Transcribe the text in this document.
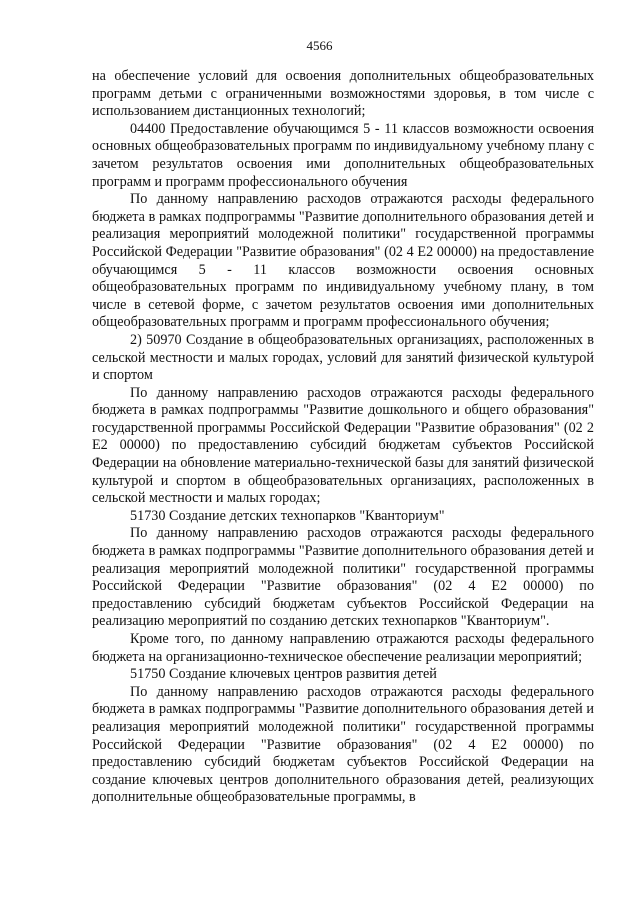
4566

на обеспечение условий для освоения дополнительных общеобразовательных программ детьми с ограниченными возможностями здоровья, в том числе с использованием дистанционных технологий;

04400 Предоставление обучающимся 5 - 11 классов возможности освоения основных общеобразовательных программ по индивидуальному учебному плану с зачетом результатов освоения ими дополнительных общеобразовательных программ и программ профессионального обучения

По данному направлению расходов отражаются расходы федерального бюджета в рамках подпрограммы "Развитие дополнительного образования детей и реализация мероприятий молодежной политики" государственной программы Российской Федерации "Развитие образования" (02 4 Е2 00000) на предоставление обучающимся 5 - 11 классов возможности освоения основных общеобразовательных программ по индивидуальному учебному плану, в том числе в сетевой форме, с зачетом результатов освоения ими дополнительных общеобразовательных программ и программ профессионального обучения;

2) 50970 Создание в общеобразовательных организациях, расположенных в сельской местности и малых городах, условий для занятий физической культурой и спортом

По данному направлению расходов отражаются расходы федерального бюджета в рамках подпрограммы "Развитие дошкольного и общего образования" государственной программы Российской Федерации "Развитие образования" (02 2 Е2 00000) по предоставлению субсидий бюджетам субъектов Российской Федерации на обновление материально-технической базы для занятий физической культурой и спортом в общеобразовательных организациях, расположенных в сельской местности и малых городах;

51730 Создание детских технопарков "Кванториум"

По данному направлению расходов отражаются расходы федерального бюджета в рамках подпрограммы "Развитие дополнительного образования детей и реализация мероприятий молодежной политики" государственной программы Российской Федерации "Развитие образования" (02 4 Е2 00000) по предоставлению субсидий бюджетам субъектов Российской Федерации на реализацию мероприятий по созданию детских технопарков "Кванториум".

Кроме того, по данному направлению отражаются расходы федерального бюджета на организационно-техническое обеспечение реализации мероприятий;

51750 Создание ключевых центров развития детей

По данному направлению расходов отражаются расходы федерального бюджета в рамках подпрограммы "Развитие дополнительного образования детей и реализация мероприятий молодежной политики" государственной программы Российской Федерации "Развитие образования" (02 4 Е2 00000) по предоставлению субсидий бюджетам субъектов Российской Федерации на создание ключевых центров дополнительного образования детей, реализующих дополнительные общеобразовательные программы, в
